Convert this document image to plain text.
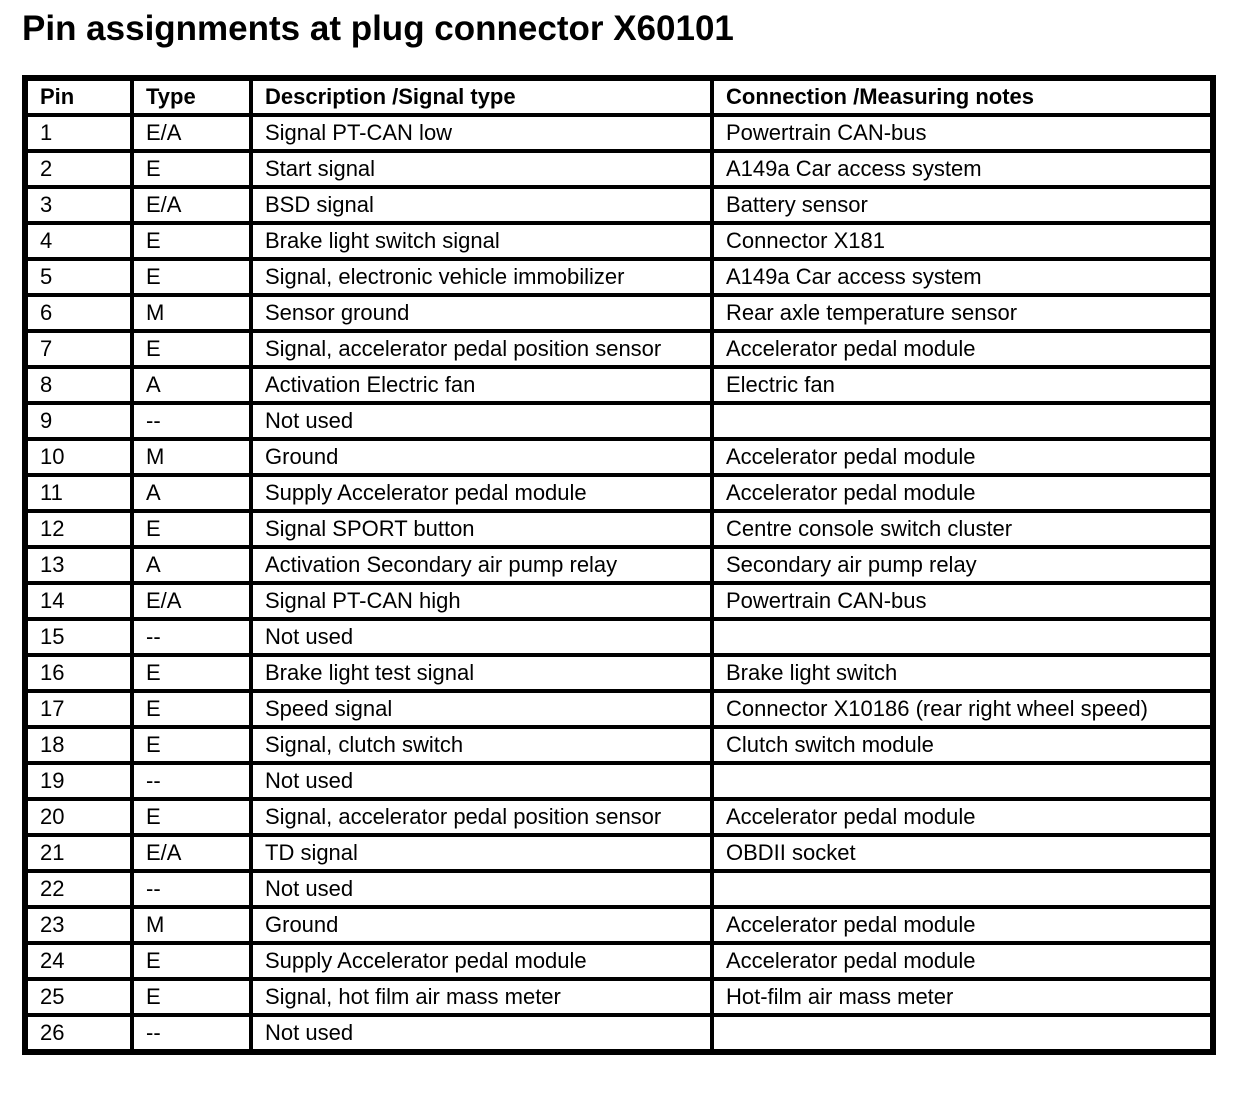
Pin assignments at plug connector X60101
Pin	Type	Description /Signal type	Connection /Measuring notes
1	E/A	Signal PT-CAN low	Powertrain CAN-bus
2	E	Start signal	A149a Car access system
3	E/A	BSD signal	Battery sensor
4	E	Brake light switch signal	Connector X181
5	E	Signal, electronic vehicle immobilizer	A149a Car access system
6	M	Sensor ground	Rear axle temperature sensor
7	E	Signal, accelerator pedal position sensor	Accelerator pedal module
8	A	Activation Electric fan	Electric fan
9	--	Not used	
10	M	Ground	Accelerator pedal module
11	A	Supply Accelerator pedal module	Accelerator pedal module
12	E	Signal SPORT button	Centre console switch cluster
13	A	Activation Secondary air pump relay	Secondary air pump relay
14	E/A	Signal PT-CAN high	Powertrain CAN-bus
15	--	Not used	
16	E	Brake light test signal	Brake light switch
17	E	Speed signal	Connector X10186 (rear right wheel speed)
18	E	Signal, clutch switch	Clutch switch module
19	--	Not used	
20	E	Signal, accelerator pedal position sensor	Accelerator pedal module
21	E/A	TD signal	OBDII socket
22	--	Not used	
23	M	Ground	Accelerator pedal module
24	E	Supply Accelerator pedal module	Accelerator pedal module
25	E	Signal, hot film air mass meter	Hot-film air mass meter
26	--	Not used	
